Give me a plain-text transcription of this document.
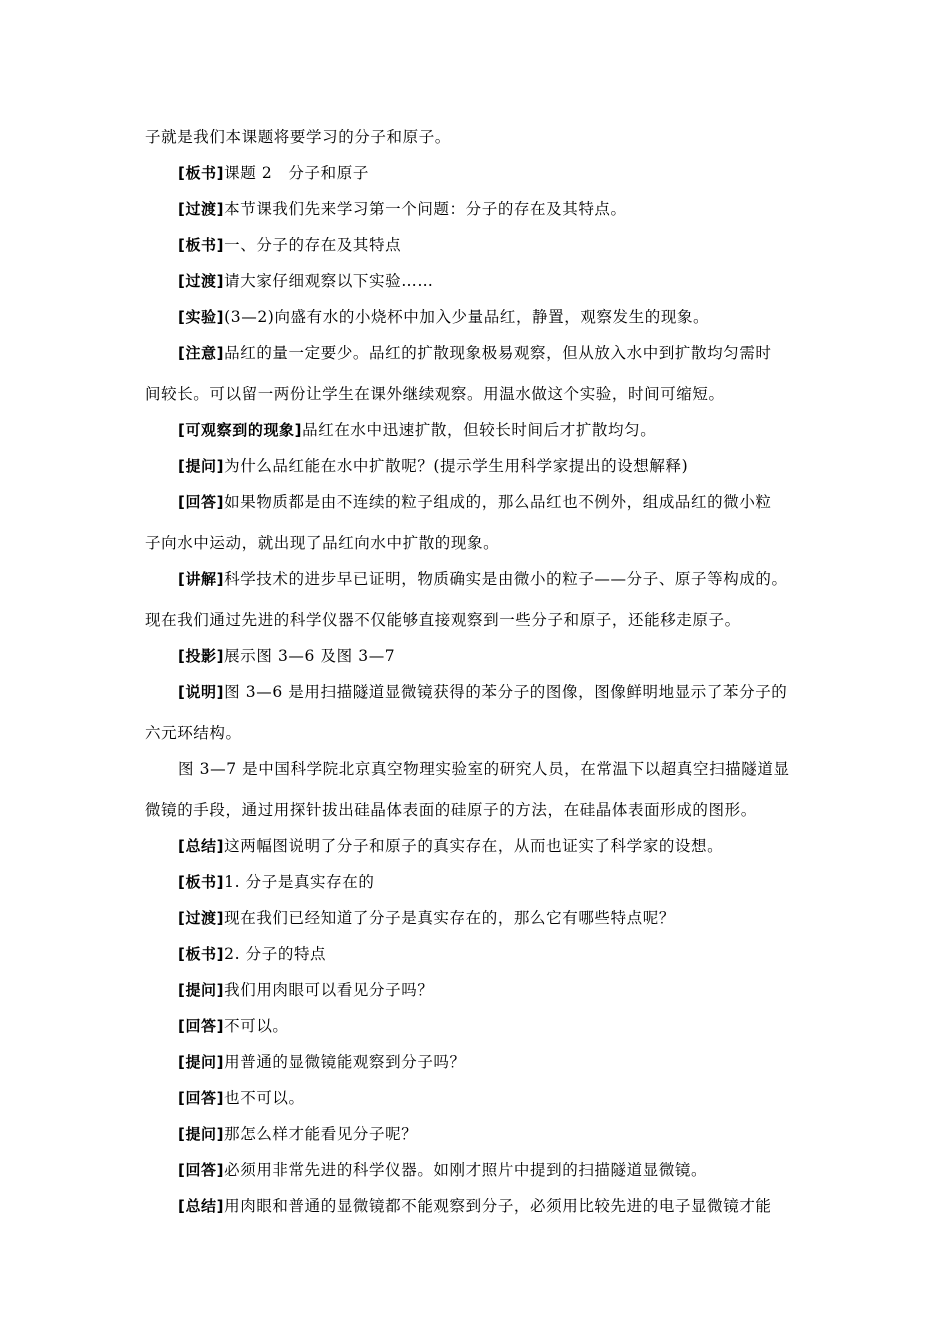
子就是我们本课题将要学习的分子和原子。
[板书]课题 2　分子和原子
[过渡]本节课我们先来学习第一个问题：分子的存在及其特点。
[板书]一、分子的存在及其特点
[过渡]请大家仔细观察以下实验……
[实验](3—2)向盛有水的小烧杯中加入少量品红，静置，观察发生的现象。
[注意]品红的量一定要少。品红的扩散现象极易观察，但从放入水中到扩散均匀需时
间较长。可以留一两份让学生在课外继续观察。用温水做这个实验，时间可缩短。
[可观察到的现象]品红在水中迅速扩散，但较长时间后才扩散均匀。
[提问]为什么品红能在水中扩散呢？(提示学生用科学家提出的设想解释)
[回答]如果物质都是由不连续的粒子组成的，那么品红也不例外，组成品红的微小粒
子向水中运动，就出现了品红向水中扩散的现象。
[讲解]科学技术的进步早已证明，物质确实是由微小的粒子——分子、原子等构成的。
现在我们通过先进的科学仪器不仅能够直接观察到一些分子和原子，还能移走原子。
[投影]展示图 3—6 及图 3—7
[说明]图 3—6 是用扫描隧道显微镜获得的苯分子的图像，图像鲜明地显示了苯分子的
六元环结构。
图 3—7 是中国科学院北京真空物理实验室的研究人员，在常温下以超真空扫描隧道显
微镜的手段，通过用探针拔出硅晶体表面的硅原子的方法，在硅晶体表面形成的图形。
[总结]这两幅图说明了分子和原子的真实存在，从而也证实了科学家的设想。
[板书]1. 分子是真实存在的
[过渡]现在我们已经知道了分子是真实存在的，那么它有哪些特点呢？
[板书]2. 分子的特点
[提问]我们用肉眼可以看见分子吗？
[回答]不可以。
[提问]用普通的显微镜能观察到分子吗？
[回答]也不可以。
[提问]那怎么样才能看见分子呢？
[回答]必须用非常先进的科学仪器。如刚才照片中提到的扫描隧道显微镜。
[总结]用肉眼和普通的显微镜都不能观察到分子，必须用比较先进的电子显微镜才能
